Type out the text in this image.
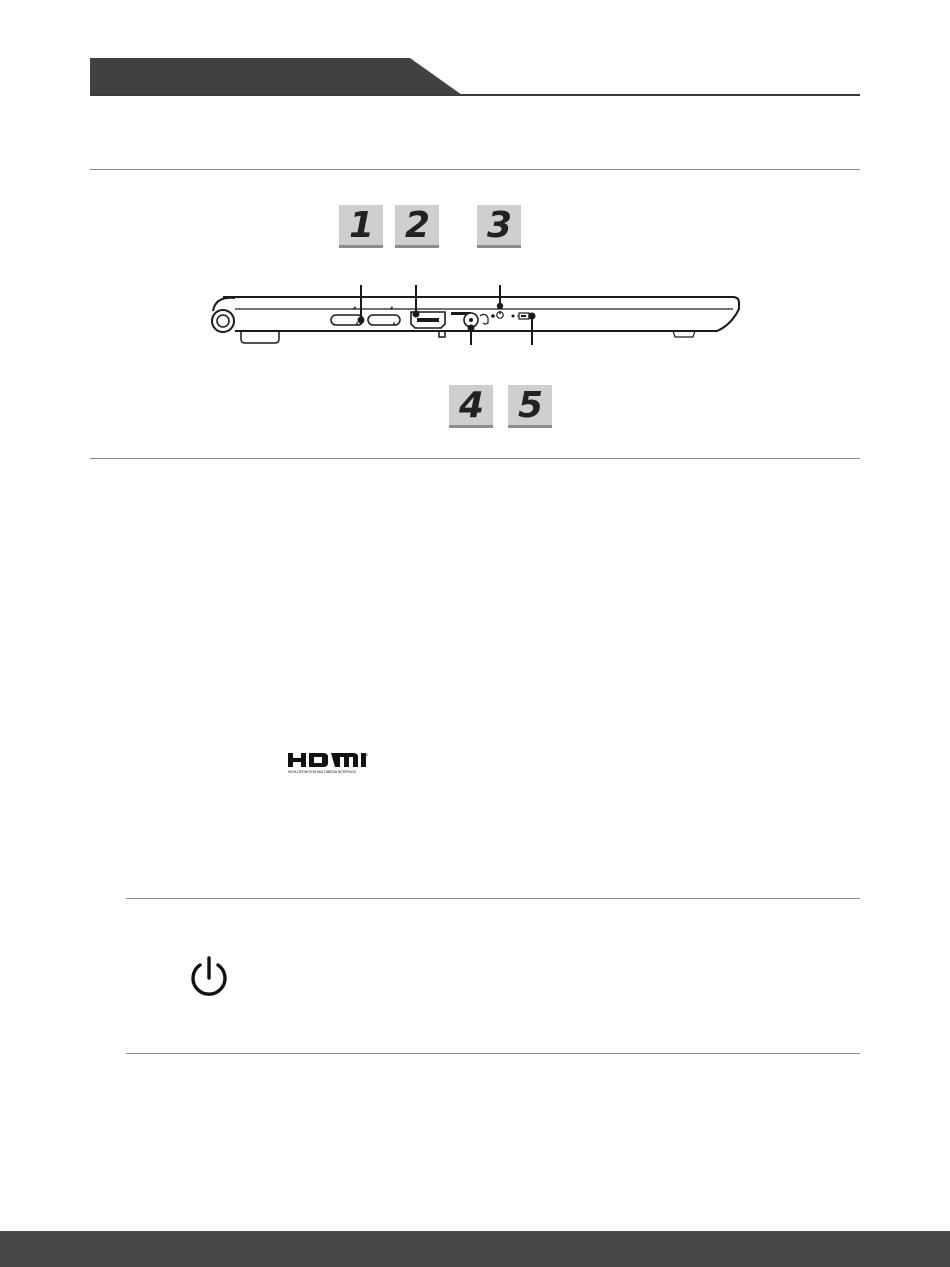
1 2 3
4 5
TM
HIGH-DEFINITION MULTIMEDIA INTERFACE
